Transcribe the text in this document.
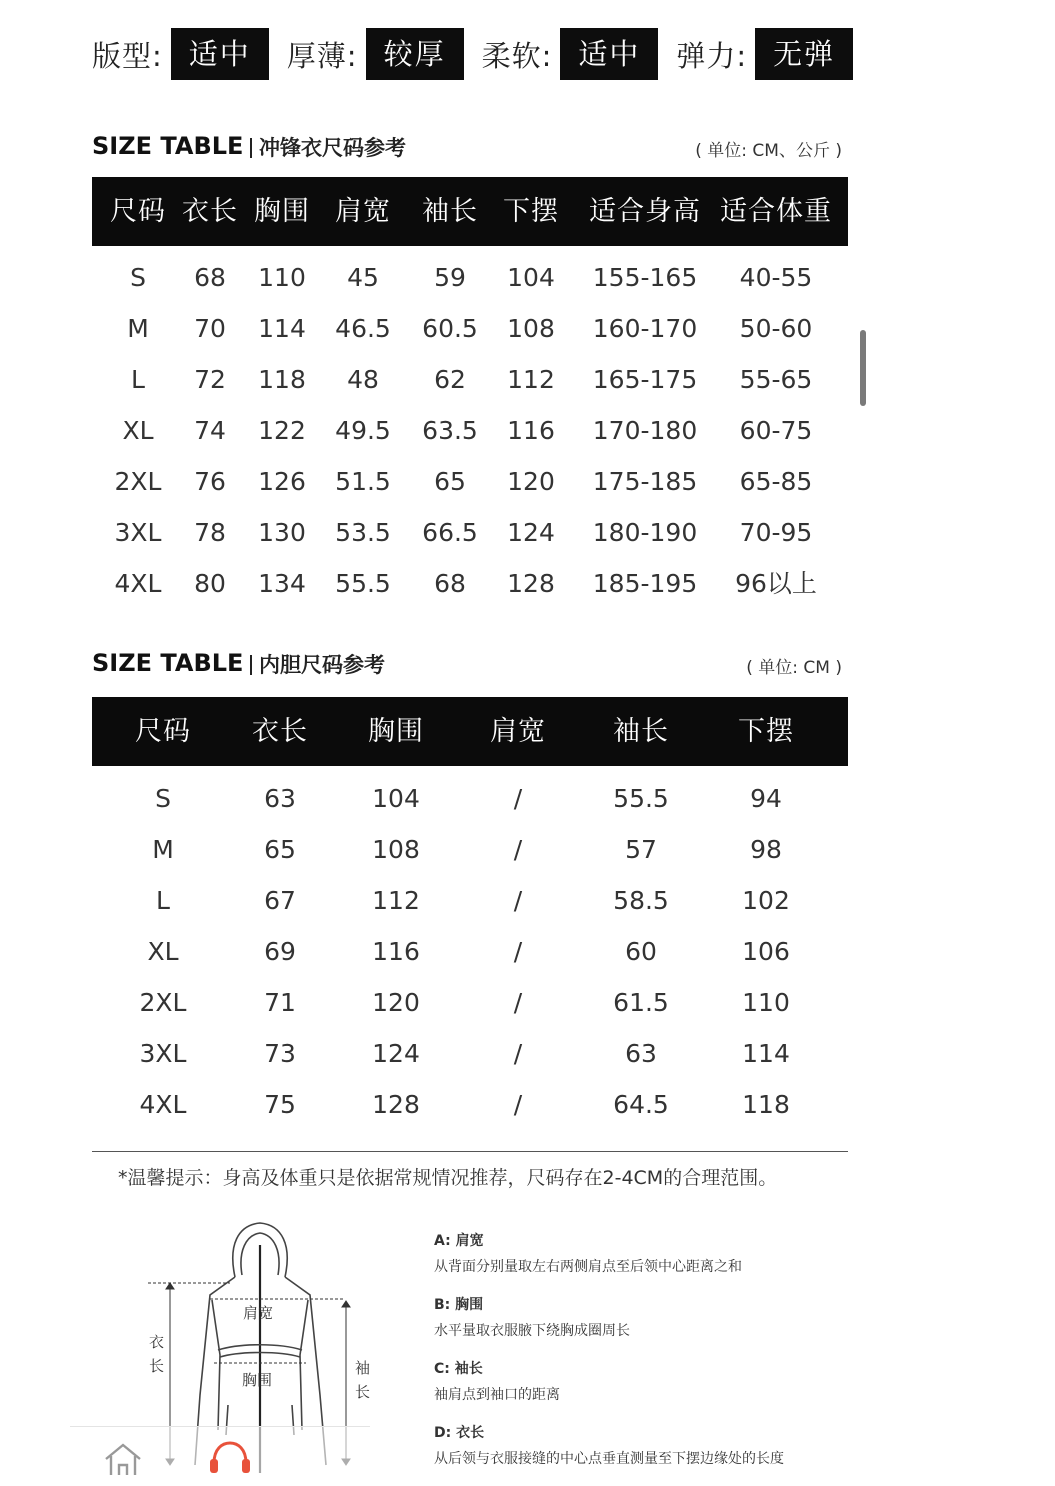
版型: 适中	厚薄: 较厚	柔软: 适中	弹力: 无弹
SIZE TABLE 冲锋衣尺码参考	( 单位: CM、公斤 )
尺码 衣长 胸围 肩宽 袖长 下摆 适合身高 适合体重
S 68 110 45 59 104 155-165 40-55
M 70 114 46.5 60.5 108 160-170 50-60
L 72 118 48 62 112 165-175 55-65
XL 74 122 49.5 63.5 116 170-180 60-75
2XL 76 126 51.5 65 120 175-185 65-85
3XL 78 130 53.5 66.5 124 180-190 70-95
4XL 80 134 55.5 68 128 185-195 96以上
SIZE TABLE 内胆尺码参考	( 单位: CM )
尺码 衣长 胸围 肩宽 袖长	下摆
S	63	104	/	55.5	94
M	65	108	/	57	98
L	67	112	/	58.5	102
XL	69	116	/	60	106
2XL	71	120	/	61.5	110
3XL	73	124	/	63	114
4XL	75	128	/	64.5	118
*温馨提示：身高及体重只是依据常规情况推荐，尺码存在2-4CM的合理范围。
衣
长
肩宽
胸围
袖
长
A: 肩宽
从背面分别量取左右两侧肩点至后领中心距离之和
B: 胸围
水平量取衣服腋下绕胸成圈周长
C: 袖长
袖肩点到袖口的距离
D: 衣长
从后领与衣服接缝的中心点垂直测量至下摆边缘处的长度
